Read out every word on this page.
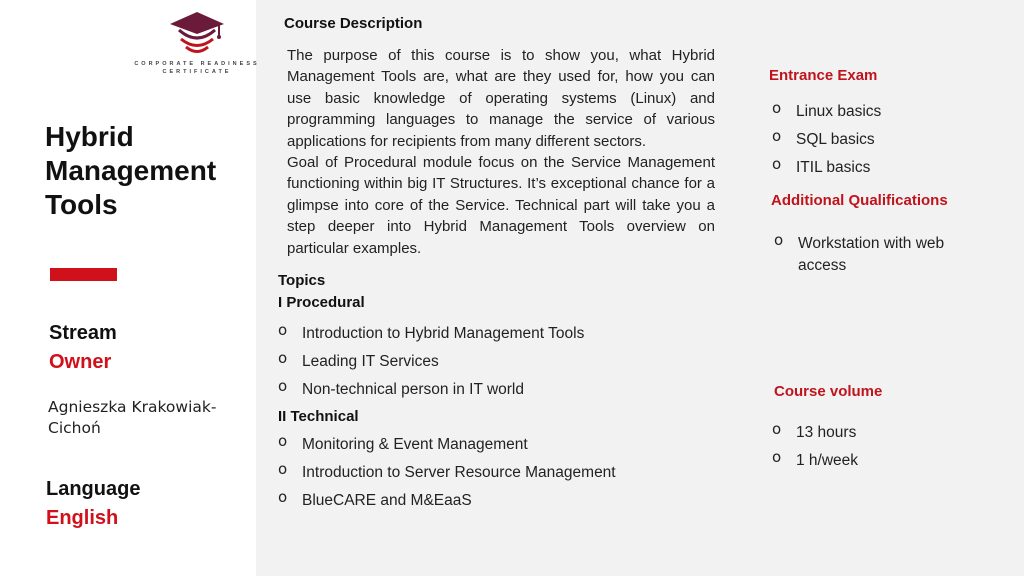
CORPORATE READINESS
CERTIFICATE
Hybrid
Management
Tools
Stream
Owner
Agnieszka Krakowiak-Cichoń
Language
English
Course Description

The purpose of this course is to show you, what Hybrid Management Tools are, what are they used for, how you can use basic knowledge of operating systems (Linux) and programming languages to manage the service of various applications for recipients from many different sectors.

Goal of Procedural module focus on the Service Management functioning within big IT Structures. It’s exceptional chance for a glimpse into core of the Service. Technical part will take you a step deeper into Hybrid Management Tools overview on particular examples.

Topics
I Procedural
o Introduction to Hybrid Management Tools
o Leading IT Services
o Non-technical person in IT world
II Technical
o Monitoring & Event Management
o Introduction to Server Resource Management
o BlueCARE and M&EaaS
Entrance Exam
o Linux basics
o SQL basics
o ITIL basics
Additional Qualifications
o Workstation with web access
Course volume
o 13 hours
o 1 h/week
